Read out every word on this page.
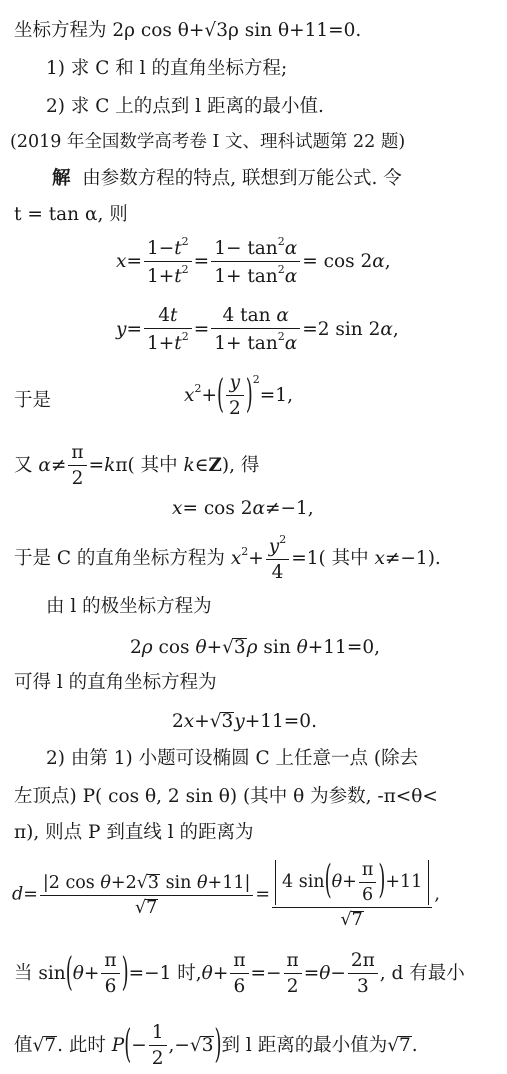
坐标方程为 2ρ cos θ+√3ρ sin θ+11=0.
1) 求 C 和 l 的直角坐标方程;
2) 求 C 上的点到 l 距离的最小值.
(2019 年全国数学高考卷 Ⅰ 文、理科试题第 22 题)
解 由参数方程的特点, 联想到万能公式. 令
t = tan α, 则
$x= \frac{1-t^2}{1+t^2} = \frac{1- \tan^2\alpha}{1+ \tan^2\alpha} = \cos 2\alpha$,
$y= \frac{4t}{1+t^2} = \frac{\text{4 tan α}}{1+ \tan^2\alpha} =2$ sin 2α,
于是	$x^2+( \frac{y}{2} )^2=1$,
又 $\alpha\ne \frac{\pi}{2} =k\pi$( 其中 k∈Z), 得
x= cos 2α≠−1,
于是 C 的直角坐标方程为 $x^2+ \frac{y^2}{4} =1$( 其中 x≠−1).
由 l 的极坐标方程为
2ρ cos θ+√3ρ sin θ+11=0,
可得 l 的直角坐标方程为
2x+√3y+11=0.
2) 由第 1) 小题可设椭圆 C 上任意一点 (除去
左顶点) P( cos θ, 2 sin θ) (其中 θ 为参数, -π<θ<
π), 则点 P 到直线 l 的距离为
$d= \frac{\text{|2 cos θ+2√3 sin θ+11|}}{√7} = \frac{4 \sin(\theta+ \frac{\pi}{6} )+11}{√7}$ ,
当 $\sin(\theta+ \frac{\pi}{6} )=-1$ 时$,\theta+ \frac{\pi}{6} =- \frac{\pi}{2} =\theta- \frac{2\pi}{3}$ , d 有最小
值√7. 此时 $P(- \frac{1}{2} ,-√3)$到 l 距离的最小值为√7.
